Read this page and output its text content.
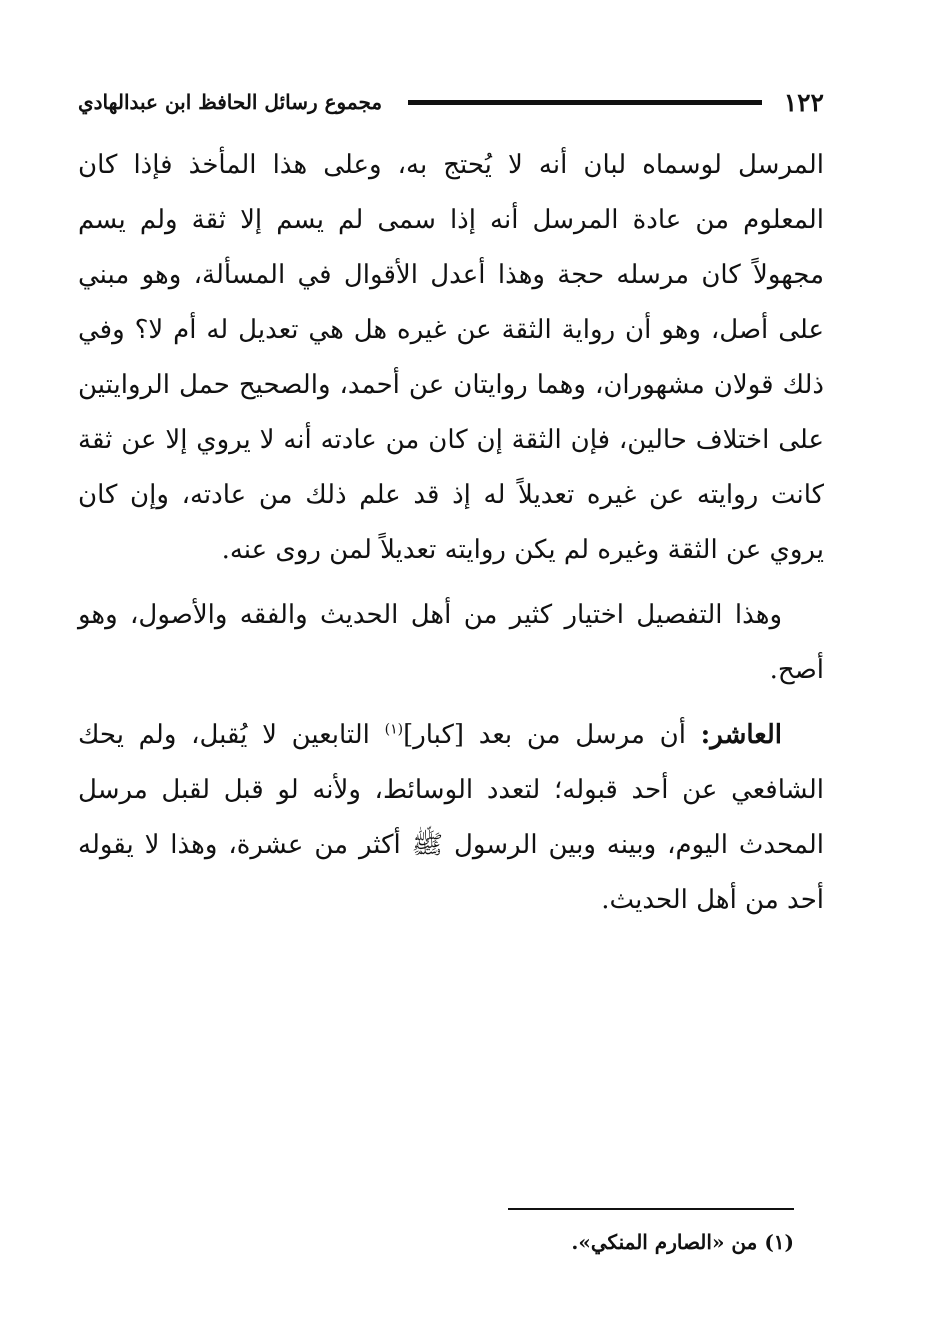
١٢٢
مجموع رسائل الحافظ ابن عبدالهادي

المرسل لوسماه لبان أنه لا يُحتج به، وعلى هذا المأخذ فإذا كان المعلوم من عادة المرسل أنه إذا سمى لم يسم إلا ثقة ولم يسم مجهولاً كان مرسله حجة وهذا أعدل الأقوال في المسألة، وهو مبني على أصل، وهو أن رواية الثقة عن غيره هل هي تعديل له أم لا؟ وفي ذلك قولان مشهوران، وهما روايتان عن أحمد، والصحيح حمل الروايتين على اختلاف حالين، فإن الثقة إن كان من عادته أنه لا يروي إلا عن ثقة كانت روايته عن غيره تعديلاً له إذ قد علم ذلك من عادته، وإن كان يروي عن الثقة وغيره لم يكن روايته تعديلاً لمن روى عنه.

وهذا التفصيل اختيار كثير من أهل الحديث والفقه والأصول، وهو أصح.

العاشر: أن مرسل من بعد [كبار]$^{(١)}$ التابعين لا يُقبل، ولم يحك الشافعي عن أحد قبوله؛ لتعدد الوسائط، ولأنه لو قبل لقبل مرسل المحدث اليوم، وبينه وبين الرسول ﷺ أكثر من عشرة، وهذا لا يقوله أحد من أهل الحديث.

(١) من «الصارم المنكي».
